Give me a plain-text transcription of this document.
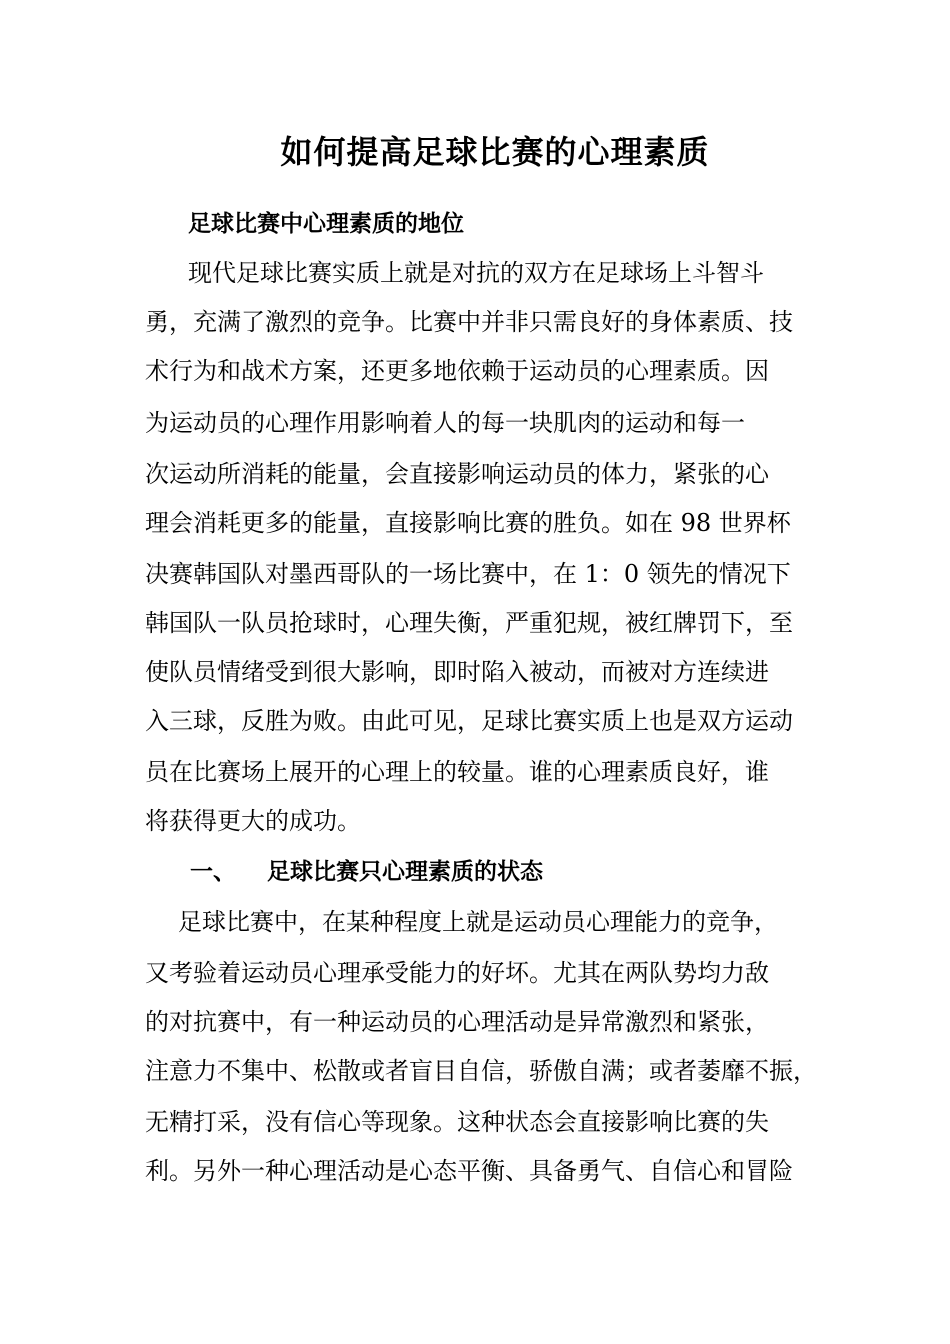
如何提高足球比赛的心理素质
足球比赛中心理素质的地位

现代足球比赛实质上就是对抗的双方在足球场上斗智斗

勇，充满了激烈的竞争。比赛中并非只需良好的身体素质、技

术行为和战术方案，还更多地依赖于运动员的心理素质。因

为运动员的心理作用影响着人的每一块肌肉的运动和每一

次运动所消耗的能量，会直接影响运动员的体力，紧张的心

理会消耗更多的能量，直接影响比赛的胜负。如在 98 世界杯

决赛韩国队对墨西哥队的一场比赛中，在 1：0 领先的情况下

韩国队一队员抢球时，心理失衡，严重犯规，被红牌罚下，至

使队员情绪受到很大影响，即时陷入被动，而被对方连续进

入三球，反胜为败。由此可见，足球比赛实质上也是双方运动

员在比赛场上展开的心理上的较量。谁的心理素质良好，谁

将获得更大的成功。

一、 足球比赛只心理素质的状态

足球比赛中，在某种程度上就是运动员心理能力的竞争，

又考验着运动员心理承受能力的好坏。尤其在两队势均力敌

的对抗赛中，有一种运动员的心理活动是异常激烈和紧张，

注意力不集中、松散或者盲目自信，骄傲自满；或者萎靡不振，

无精打采，没有信心等现象。这种状态会直接影响比赛的失

利。另外一种心理活动是心态平衡、具备勇气、自信心和冒险
